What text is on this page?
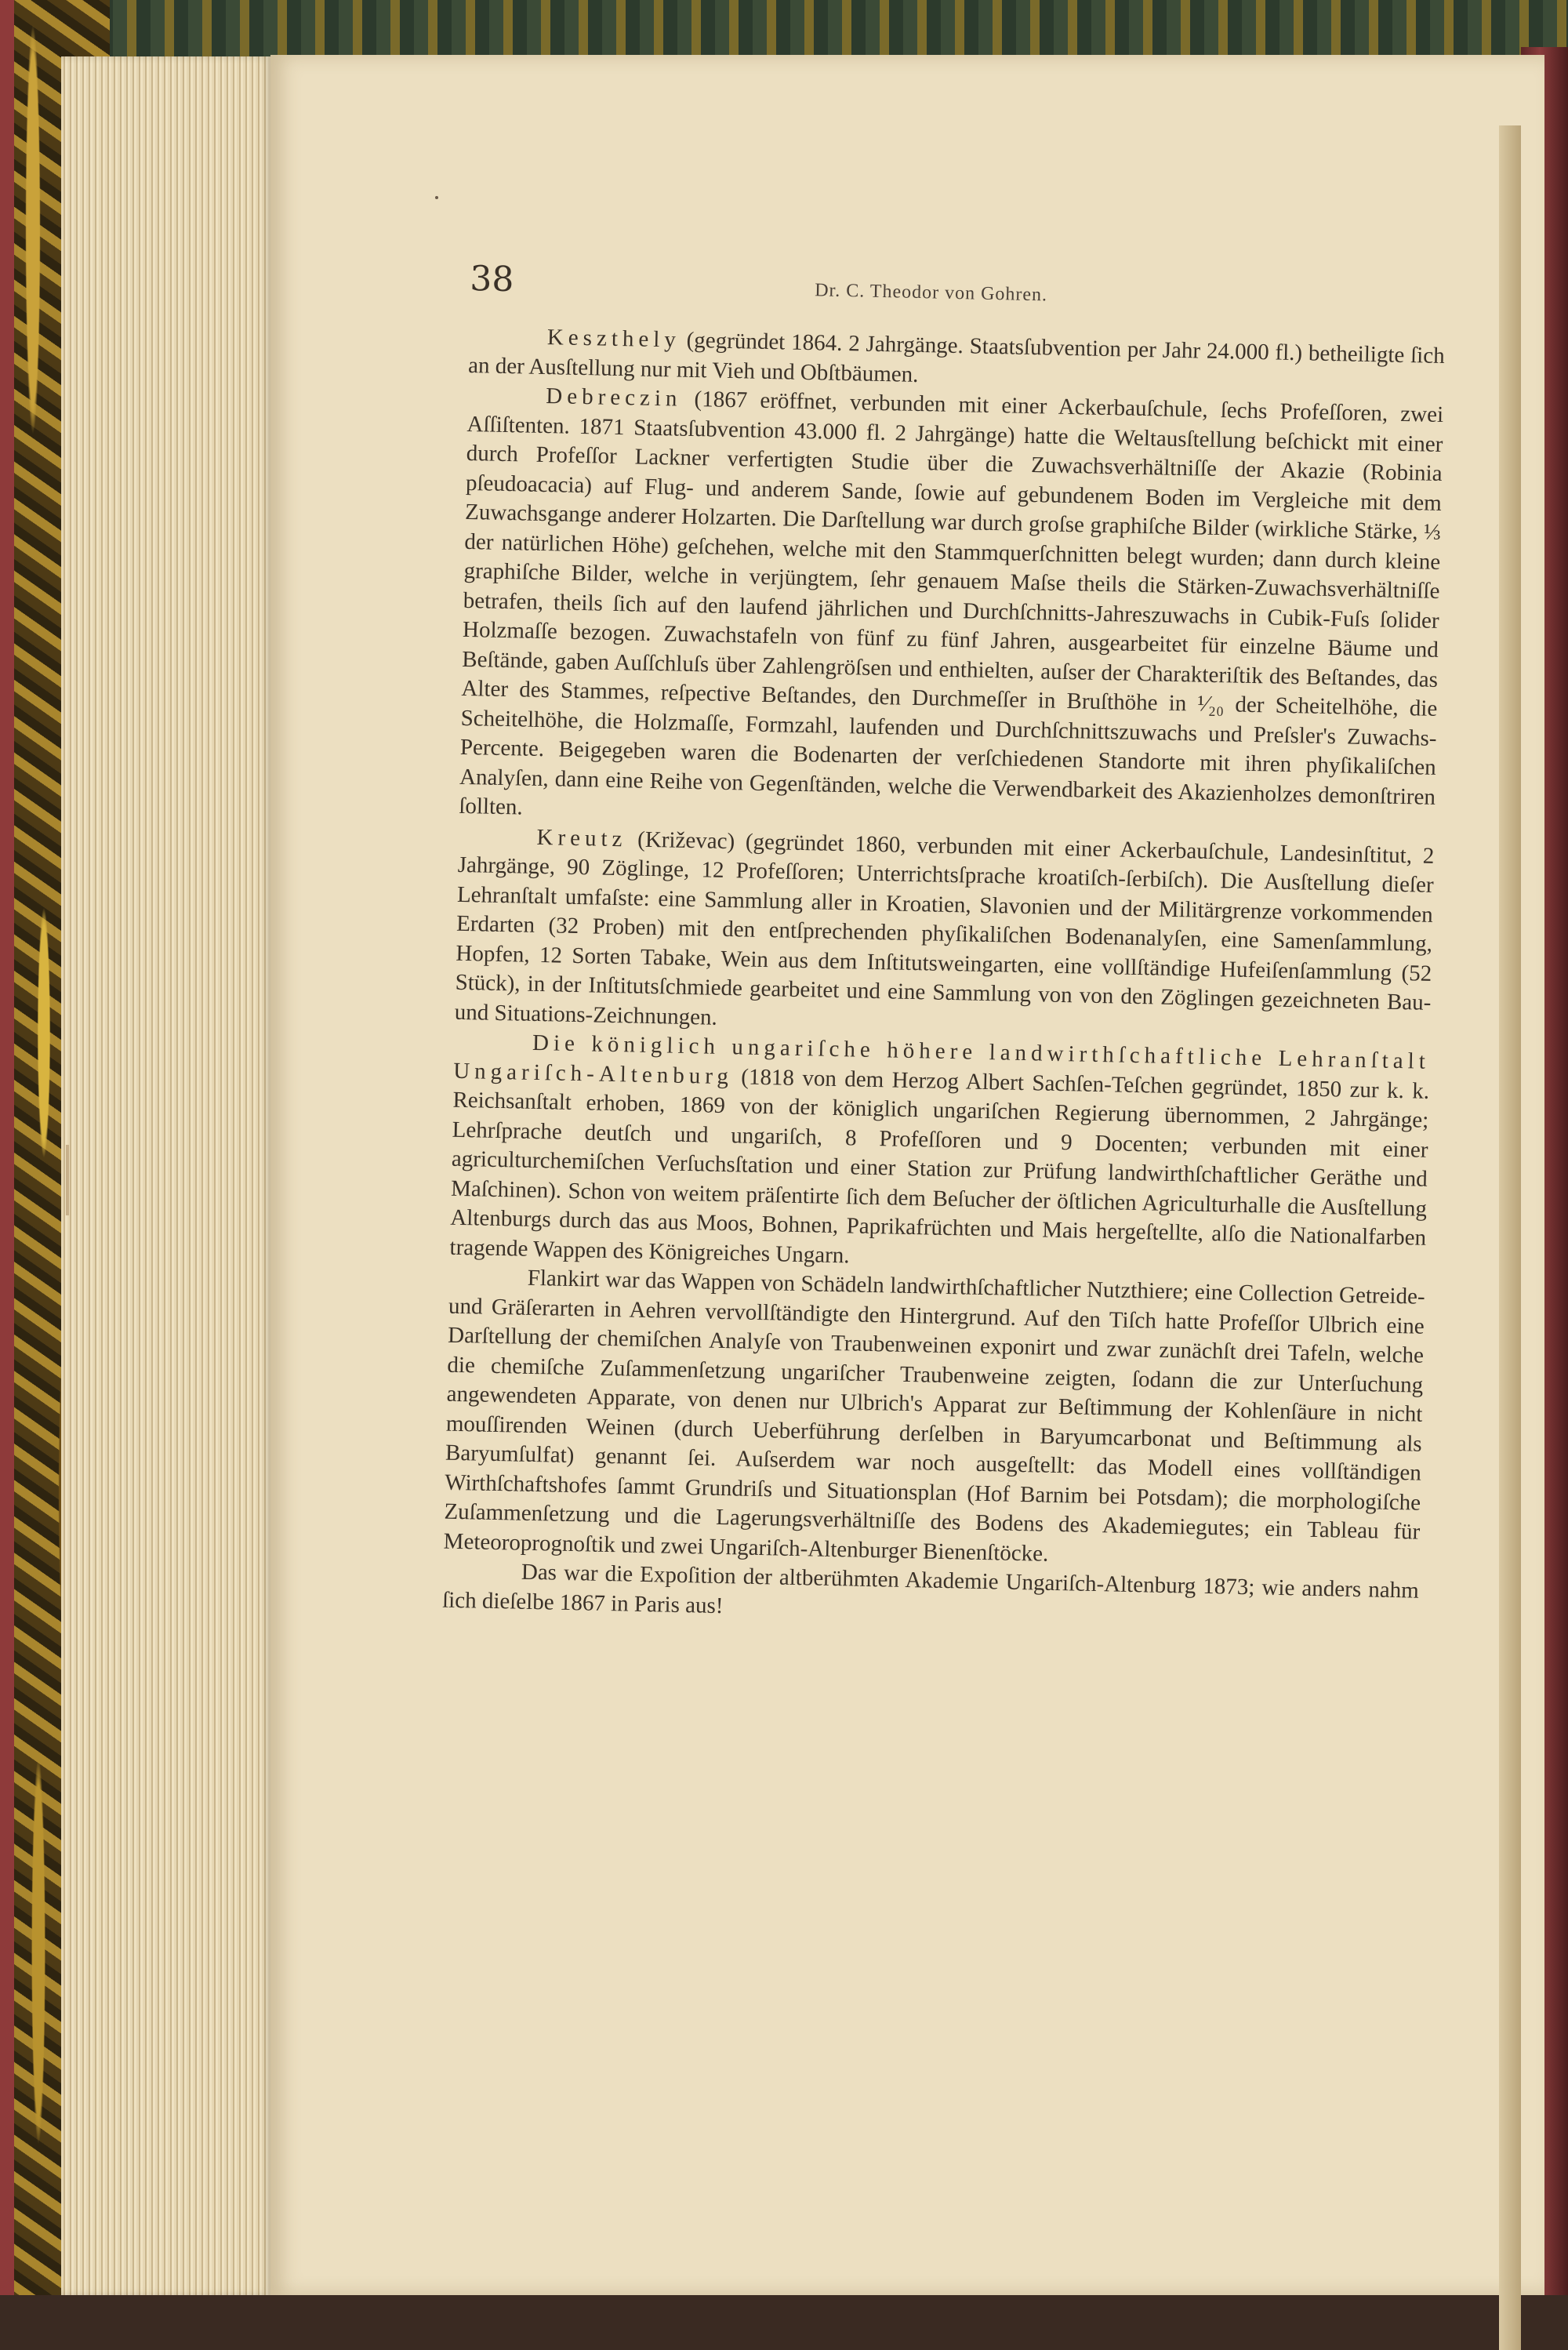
38	Dr. C. Theodor von Gohren.

Keszthely (gegründet 1864. 2 Jahrgänge. Staatsſubvention per Jahr 24.000 fl.) betheiligte ſich an der Ausſtellung nur mit Vieh und Obſtbäumen.

Debreczin (1867 eröffnet, verbunden mit einer Ackerbauſchule, ſechs Profeſſoren, zwei Aſſiſtenten. 1871 Staatsſubvention 43.000 fl. 2 Jahrgänge) hatte die Weltausſtellung beſchickt mit einer durch Profeſſor Lackner verfertigten Studie über die Zuwachsverhältniſſe der Akazie (Robinia pſeudoacacia) auf Flug- und anderem Sande, ſowie auf gebundenem Boden im Vergleiche mit dem Zuwachsgange anderer Holzarten. Die Darſtellung war durch groſse graphiſche Bilder (wirkliche Stärke, ⅓ der natürlichen Höhe) geſchehen, welche mit den Stammquerſchnitten belegt wurden; dann durch kleine graphiſche Bilder, welche in verjüngtem, ſehr genauem Maſse theils die Stärken-Zuwachsverhältniſſe betrafen, theils ſich auf den laufend jährlichen und Durchſchnitts-Jahreszuwachs in Cubik-Fuſs ſolider Holzmaſſe bezogen. Zuwachstafeln von fünf zu fünf Jahren, ausgearbeitet für einzelne Bäume und Beſtände, gaben Auſſchluſs über Zahlengröſsen und enthielten, auſser der Charakteriſtik des Beſtandes, das Alter des Stammes, reſpective Beſtandes, den Durchmeſſer in Bruſthöhe in ¹⁄₂₀ der Scheitelhöhe, die Scheitelhöhe, die Holzmaſſe, Formzahl, laufenden und Durchſchnittszuwachs und Preſsler's Zuwachs-Percente. Beigegeben waren die Bodenarten der verſchiedenen Standorte mit ihren phyſikaliſchen Analyſen, dann eine Reihe von Gegenſtänden, welche die Verwendbarkeit des Akazienholzes demonſtriren ſollten.

Kreutz (Križevac) (gegründet 1860, verbunden mit einer Ackerbauſchule, Landesinſtitut, 2 Jahrgänge, 90 Zöglinge, 12 Profeſſoren; Unterrichtsſprache kroatiſch-ſerbiſch). Die Ausſtellung dieſer Lehranſtalt umfaſste: eine Sammlung aller in Kroatien, Slavonien und der Militärgrenze vorkommenden Erdarten (32 Proben) mit den entſprechenden phyſikaliſchen Bodenanalyſen, eine Samenſammlung, Hopfen, 12 Sorten Tabake, Wein aus dem Inſtitutsweingarten, eine vollſtändige Hufeiſenſammlung (52 Stück), in der Inſtitutsſchmiede gearbeitet und eine Sammlung von von den Zöglingen gezeichneten Bau- und Situations-Zeichnungen.

Die königlich ungariſche höhere landwirthſchaftliche Lehranſtalt Ungariſch-Altenburg (1818 von dem Herzog Albert Sachſen-Teſchen gegründet, 1850 zur k. k. Reichsanſtalt erhoben, 1869 von der königlich ungariſchen Regierung übernommen, 2 Jahrgänge; Lehrſprache deutſch und ungariſch, 8 Profeſſoren und 9 Docenten; verbunden mit einer agriculturchemiſchen Verſuchsſtation und einer Station zur Prüfung landwirthſchaftlicher Geräthe und Maſchinen). Schon von weitem präſentirte ſich dem Beſucher der öſtlichen Agriculturhalle die Ausſtellung Altenburgs durch das aus Moos, Bohnen, Paprikafrüchten und Mais hergeſtellte, alſo die Nationalfarben tragende Wappen des Königreiches Ungarn.

Flankirt war das Wappen von Schädeln landwirthſchaftlicher Nutzthiere; eine Collection Getreide- und Gräſerarten in Aehren vervollſtändigte den Hintergrund. Auf den Tiſch hatte Profeſſor Ulbrich eine Darſtellung der chemiſchen Analyſe von Traubenweinen exponirt und zwar zunächſt drei Tafeln, welche die chemiſche Zuſammenſetzung ungariſcher Traubenweine zeigten, ſodann die zur Unterſuchung angewendeten Apparate, von denen nur Ulbrich's Apparat zur Beſtimmung der Kohlenſäure in nicht mouſſirenden Weinen (durch Ueberführung derſelben in Baryumcarbonat und Beſtimmung als Baryumſulfat) genannt ſei. Auſserdem war noch ausgeſtellt: das Modell eines vollſtändigen Wirthſchaftshofes ſammt Grundriſs und Situationsplan (Hof Barnim bei Potsdam); die morphologiſche Zuſammenſetzung und die Lagerungsverhältniſſe des Bodens des Akademiegutes; ein Tableau für Meteoroprognoſtik und zwei Ungariſch-Altenburger Bienenſtöcke.

Das war die Expoſition der altberühmten Akademie Ungariſch-Altenburg 1873; wie anders nahm ſich dieſelbe 1867 in Paris aus!
